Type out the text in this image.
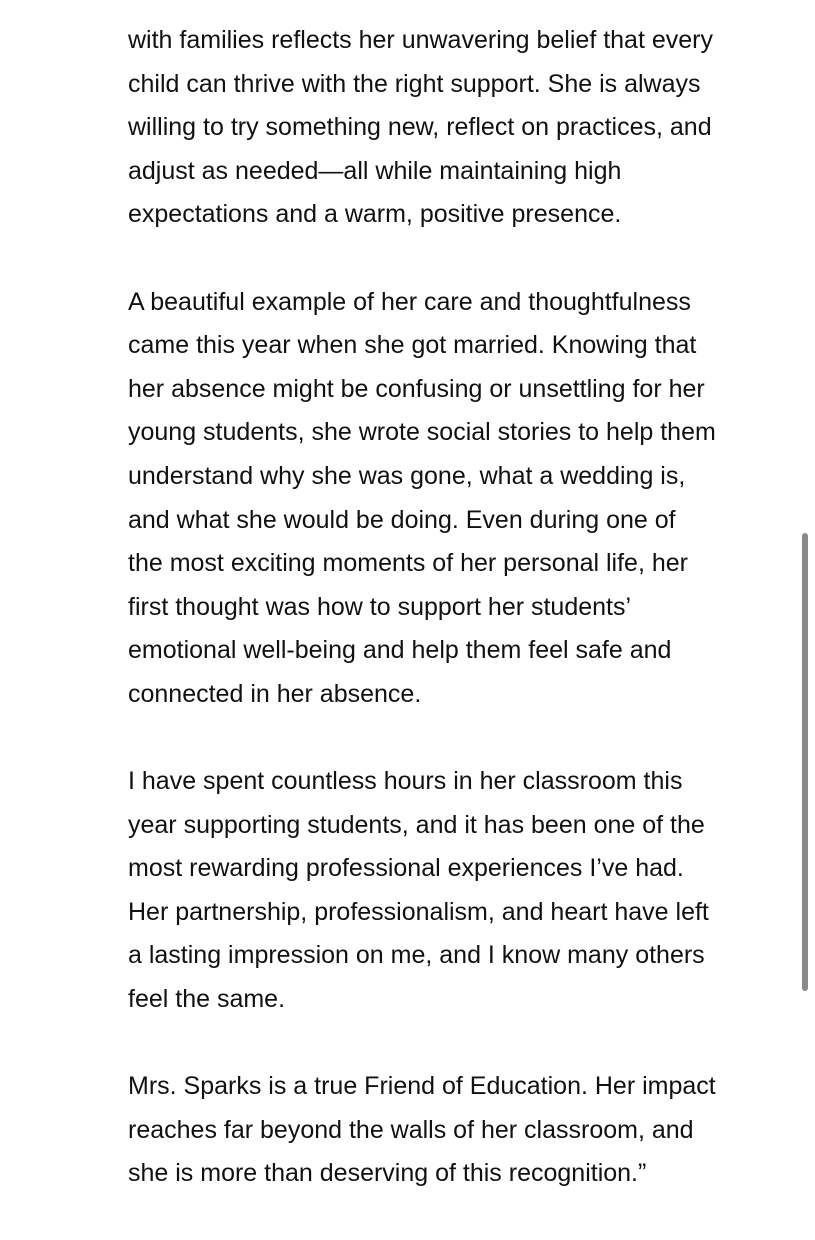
with families reflects her unwavering belief that every
child can thrive with the right support. She is always
willing to try something new, reflect on practices, and
adjust as needed—all while maintaining high
expectations and a warm, positive presence.

A beautiful example of her care and thoughtfulness
came this year when she got married. Knowing that
her absence might be confusing or unsettling for her
young students, she wrote social stories to help them
understand why she was gone, what a wedding is,
and what she would be doing. Even during one of
the most exciting moments of her personal life, her
first thought was how to support her students’
emotional well-being and help them feel safe and
connected in her absence.

I have spent countless hours in her classroom this
year supporting students, and it has been one of the
most rewarding professional experiences I’ve had.
Her partnership, professionalism, and heart have left
a lasting impression on me, and I know many others
feel the same.

Mrs. Sparks is a true Friend of Education. Her impact
reaches far beyond the walls of her classroom, and
she is more than deserving of this recognition.”
